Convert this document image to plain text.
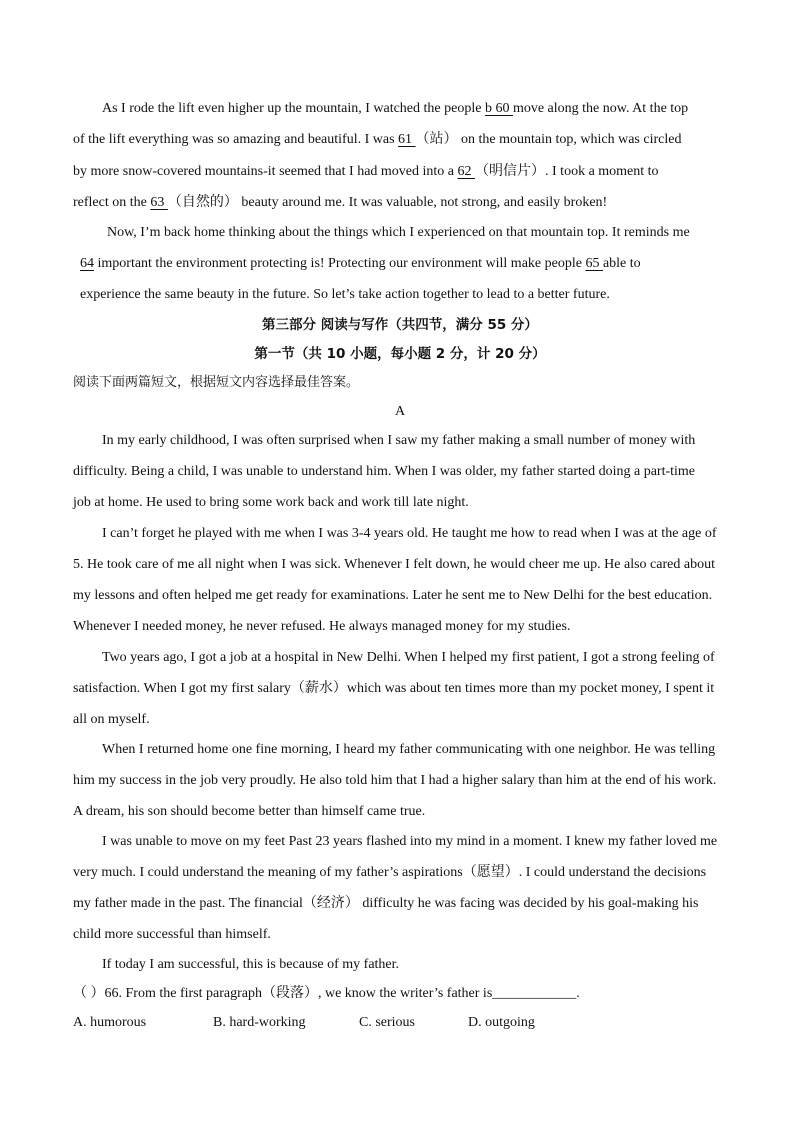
As I rode the lift even higher up the mountain, I watched the people b 60 move along the now. At the top
of the lift everything was so amazing and beautiful. I was 61 （站） on the mountain top, which was circled
by more snow-covered mountains-it seemed that I had moved into a 62 （明信片）. I took a moment to
reflect on the 63 （自然的） beauty around me. It was valuable, not strong, and easily broken!
Now, I’m back home thinking about the things which I experienced on that mountain top. It reminds me
64 important the environment protecting is! Protecting our environment will make people 65 able to
experience the same beauty in the future. So let’s take action together to lead to a better future.
第三部分 阅读与写作（共四节，满分 55 分）
第一节（共 10 小题，每小题 2 分，计 20 分）
阅读下面两篇短文，根据短文内容选择最佳答案。
A
In my early childhood, I was often surprised when I saw my father making a small number of money with
difficulty. Being a child, I was unable to understand him. When I was older, my father started doing a part-time
job at home. He used to bring some work back and work till late night.
I can’t forget he played with me when I was 3-4 years old. He taught me how to read when I was at the age of
5. He took care of me all night when I was sick. Whenever I felt down, he would cheer me up. He also cared about
my lessons and often helped me get ready for examinations. Later he sent me to New Delhi for the best education.
Whenever I needed money, he never refused. He always managed money for my studies.
Two years ago, I got a job at a hospital in New Delhi. When I helped my first patient, I got a strong feeling of
satisfaction. When I got my first salary（薪水）which was about ten times more than my pocket money, I spent it
all on myself.
When I returned home one fine morning, I heard my father communicating with one neighbor. He was telling
him my success in the job very proudly. He also told him that I had a higher salary than him at the end of his work.
A dream, his son should become better than himself came true.
I was unable to move on my feet Past 23 years flashed into my mind in a moment. I knew my father loved me
very much. I could understand the meaning of my father’s aspirations（愿望）. I could understand the decisions
my father made in the past. The financial（经济） difficulty he was facing was decided by his goal-making his
child more successful than himself.
If today I am successful, this is because of my father.
（ ）66. From the first paragraph（段落）, we know the writer’s father is____________.
A. humorous	B. hard-working	C. serious	D. outgoing
